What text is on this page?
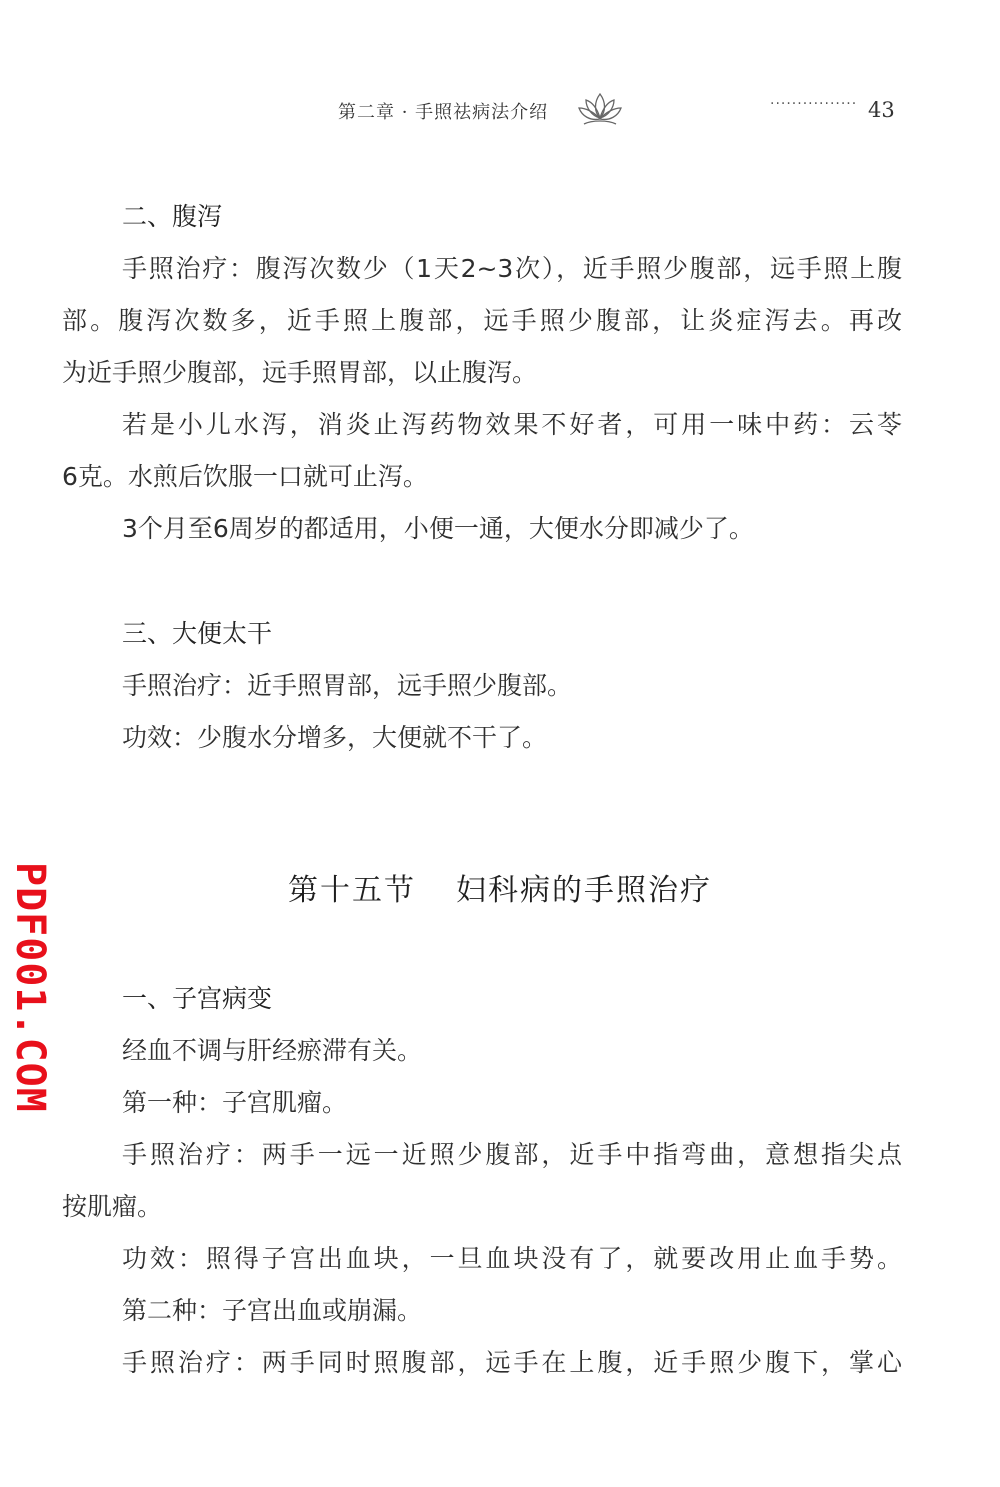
第二章 · 手照祛病法介绍	················ 43
二、腹泻
手照治疗：腹泻次数少（1天2~3次），近手照少腹部，远手照上腹
部。腹泻次数多，近手照上腹部，远手照少腹部，让炎症泻去。再改
为近手照少腹部，远手照胃部，以止腹泻。
若是小儿水泻，消炎止泻药物效果不好者，可用一味中药：云苓
6克。水煎后饮服一口就可止泻。
3个月至6周岁的都适用，小便一通，大便水分即减少了。
三、大便太干
手照治疗：近手照胃部，远手照少腹部。
功效：少腹水分增多，大便就不干了。
第十五节 妇科病的手照治疗
一、子宫病变
经血不调与肝经瘀滞有关。
第一种：子宫肌瘤。
手照治疗：两手一远一近照少腹部，近手中指弯曲，意想指尖点
按肌瘤。
功效：照得子宫出血块，一旦血块没有了，就要改用止血手势。
第二种：子宫出血或崩漏。
手照治疗：两手同时照腹部，远手在上腹，近手照少腹下，掌心
PDF001.COM
